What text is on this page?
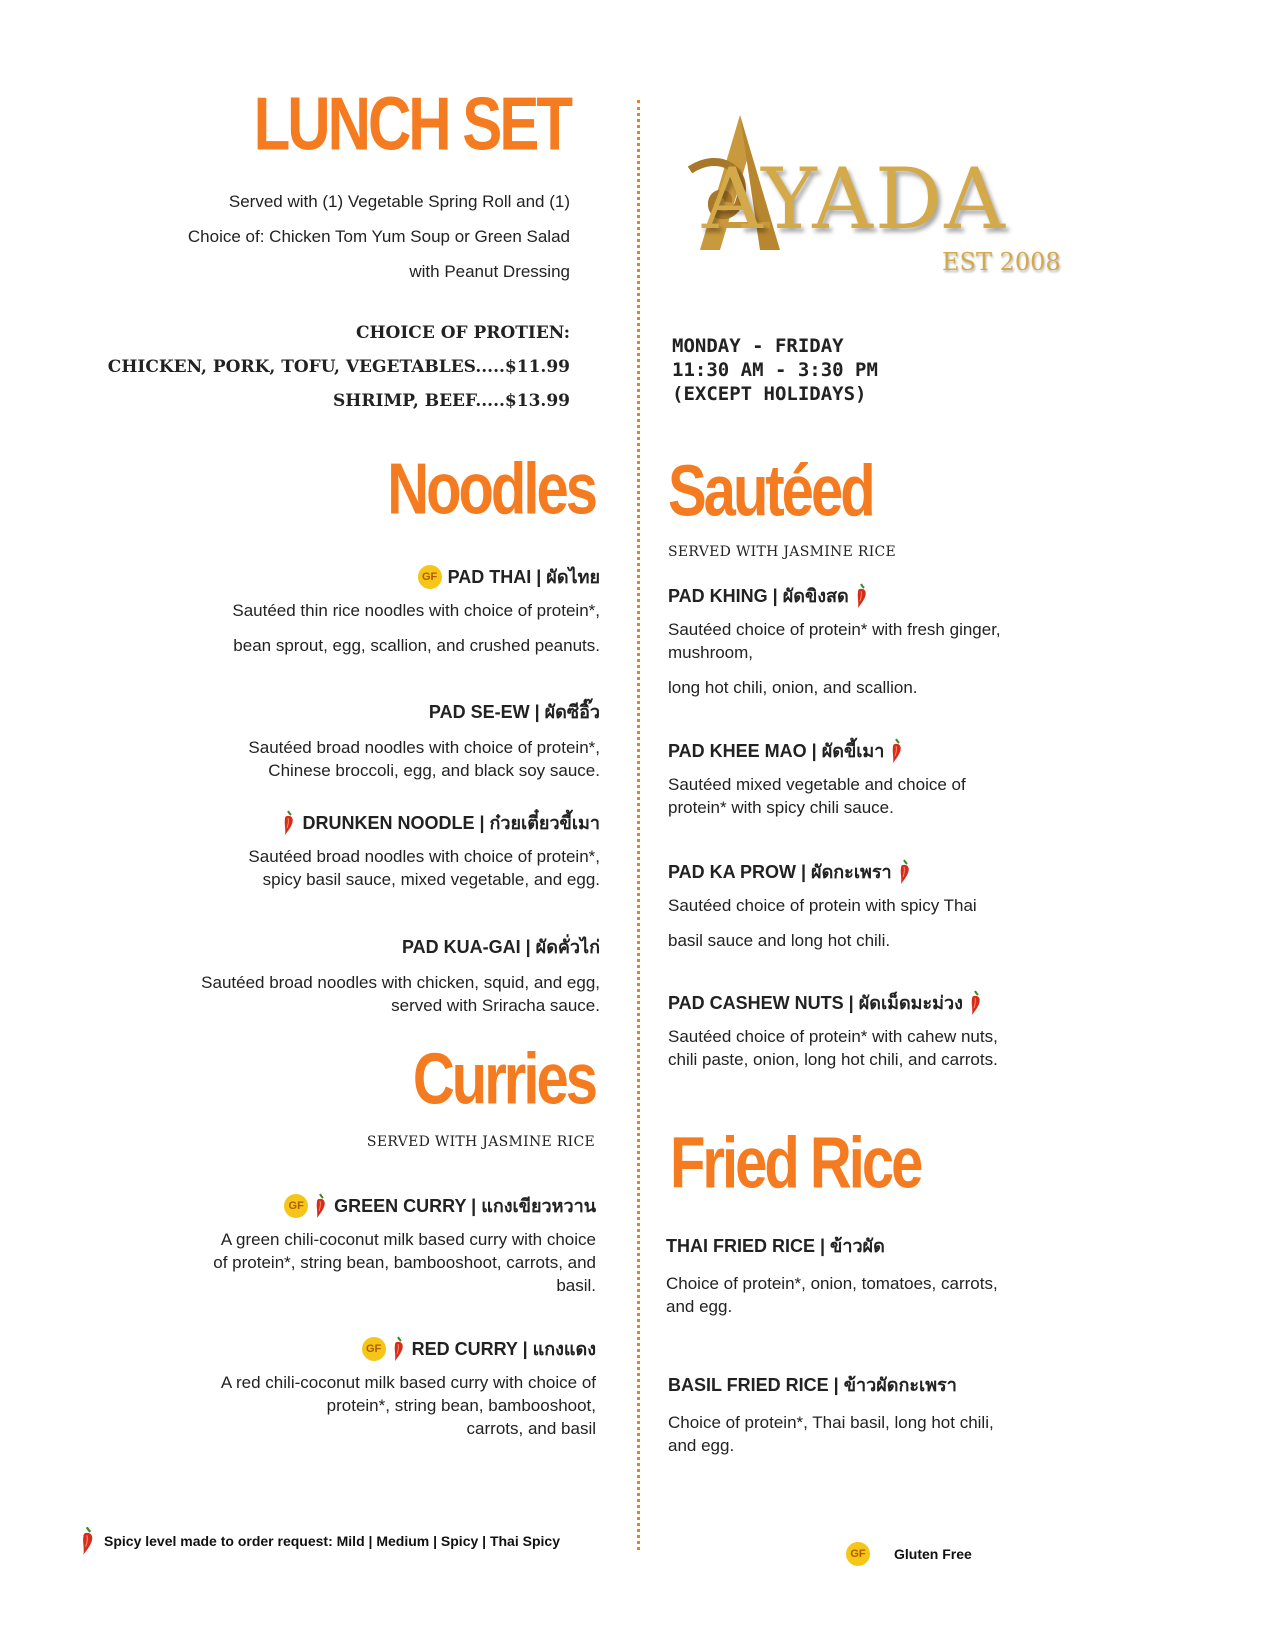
LUNCH SET
Served with (1) Vegetable Spring Roll and (1)
Choice of: Chicken Tom Yum Soup or Green Salad
with Peanut Dressing
CHOICE OF PROTIEN:
CHICKEN, PORK, TOFU, VEGETABLES.....$11.99
SHRIMP, BEEF.....$13.99
AYADA
EST 2008
MONDAY - FRIDAY
11:30 AM - 3:30 PM
(EXCEPT HOLIDAYS)
Noodles
GF PAD THAI | ผัดไทย
Sautéed thin rice noodles with choice of protein*,
bean sprout, egg, scallion, and crushed peanuts.
PAD SE-EW | ผัดซีอิ๊ว
Sautéed broad noodles with choice of protein*,
Chinese broccoli, egg, and black soy sauce.
DRUNKEN NOODLE | ก๋วยเตี๋ยวขี้เมา
Sautéed broad noodles with choice of protein*,
spicy basil sauce, mixed vegetable, and egg.
PAD KUA-GAI | ผัดคั่วไก่
Sautéed broad noodles with chicken, squid, and egg,
served with Sriracha sauce.
Curries
SERVED WITH JASMINE RICE
GF GREEN CURRY | แกงเขียวหวาน
A green chili-coconut milk based curry with choice
of protein*, string bean, bambooshoot, carrots, and
basil.
GF RED CURRY | แกงแดง
A red chili-coconut milk based curry with choice of
protein*, string bean, bambooshoot,
carrots, and basil
Sautéed
SERVED WITH JASMINE RICE
PAD KHING | ผัดขิงสด
Sautéed choice of protein* with fresh ginger,
mushroom,
long hot chili, onion, and scallion.
PAD KHEE MAO | ผัดขี้เมา
Sautéed mixed vegetable and choice of
protein* with spicy chili sauce.
PAD KA PROW | ผัดกะเพรา
Sautéed choice of protein with spicy Thai
basil sauce and long hot chili.
PAD CASHEW NUTS | ผัดเม็ดมะม่วง
Sautéed choice of protein* with cahew nuts,
chili paste, onion, long hot chili, and carrots.
Fried Rice
THAI FRIED RICE | ข้าวผัด
Choice of protein*, onion, tomatoes, carrots,
and egg.
BASIL FRIED RICE | ข้าวผัดกะเพรา
Choice of protein*, Thai basil, long hot chili,
and egg.
Spicy level made to order request: Mild | Medium | Spicy | Thai Spicy
GF	Gluten Free
